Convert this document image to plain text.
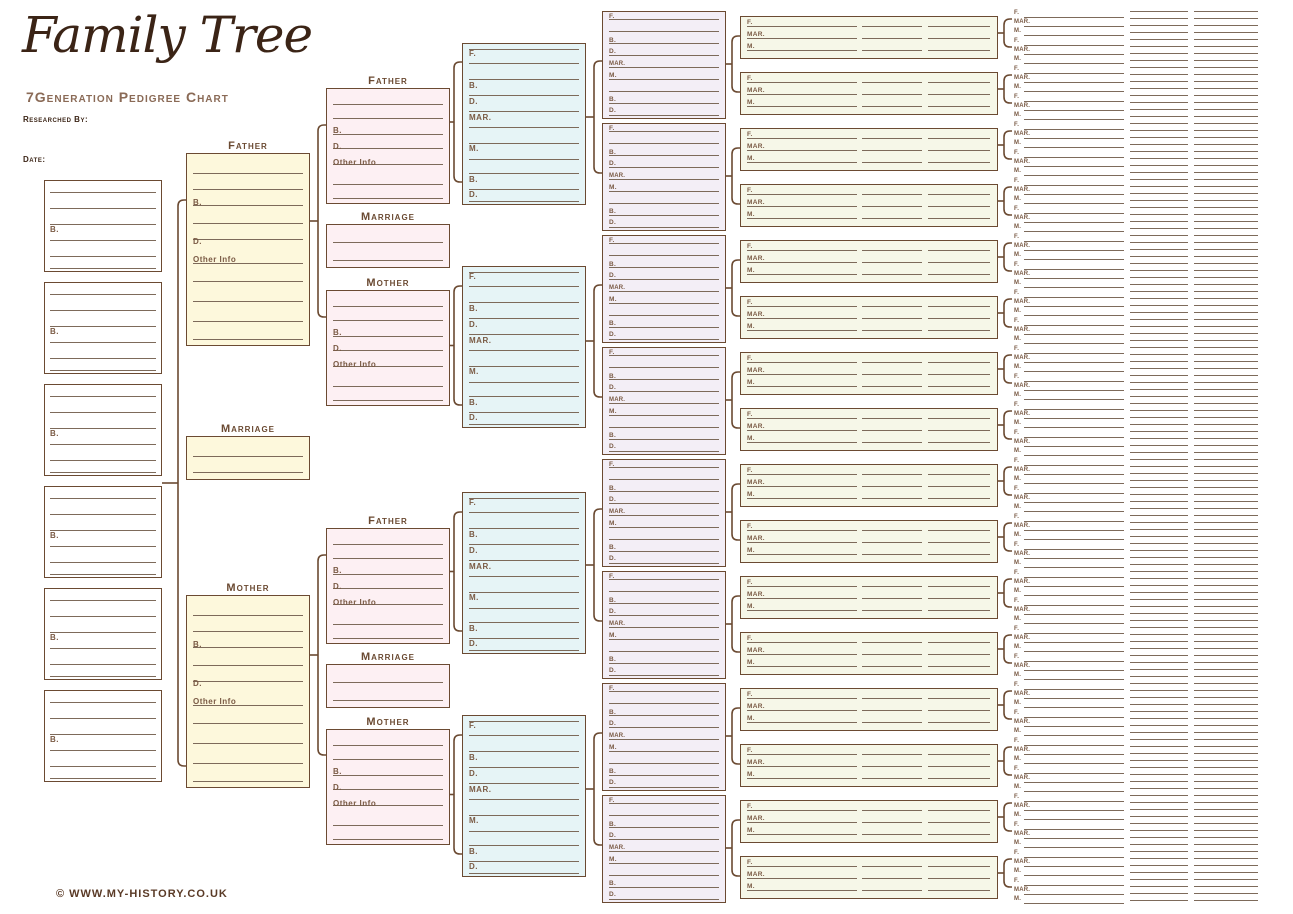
Family Tree
7Generation Pedigree Chart
Researched By:
Date:
© WWW.MY-HISTORY.CO.UK
B.
B.
B.
B.
B.
B.
Father
B.
D.
Other Info
Mother
B.
D.
Other Info
Marriage
Father
B.
D.
Other Info
Marriage
Mother
B.
D.
Other Info
Father
B.
D.
Other Info
Marriage
Mother
B.
D.
Other Info
F.
B.
D.
MAR.
M.
B.
D.
F.
B.
D.
MAR.
M.
B.
D.
F.
B.
D.
MAR.
M.
B.
D.
F.
B.
D.
MAR.
M.
B.
D.
F.
B.
D.
MAR.
M.
B.
D.
F.
B.
D.
MAR.
M.
B.
D.
F.
B.
D.
MAR.
M.
B.
D.
F.
B.
D.
MAR.
M.
B.
D.
F.
B.
D.
MAR.
M.
B.
D.
F.
B.
D.
MAR.
M.
B.
D.
F.
B.
D.
MAR.
M.
B.
D.
F.
B.
D.
MAR.
M.
B.
D.
F.
MAR.
M.
F.
MAR.
M.
F.
MAR.
M.
F.
MAR.
M.
F.
MAR.
M.
F.
MAR.
M.
F.
MAR.
M.
F.
MAR.
M.
F.
MAR.
M.
F.
MAR.
M.
F.
MAR.
M.
F.
MAR.
M.
F.
MAR.
M.
F.
MAR.
M.
F.
MAR.
M.
F.
MAR.
M.
F.
MAR.
M.
F.
MAR.
M.
F.
MAR.
M.
F.
MAR.
M.
F.
MAR.
M.
F.
MAR.
M.
F.
MAR.
M.
F.
MAR.
M.
F.
MAR.
M.
F.
MAR.
M.
F.
MAR.
M.
F.
MAR.
M.
F.
MAR.
M.
F.
MAR.
M.
F.
MAR.
M.
F.
MAR.
M.
F.
MAR.
M.
F.
MAR.
M.
F.
MAR.
M.
F.
MAR.
M.
F.
MAR.
M.
F.
MAR.
M.
F.
MAR.
M.
F.
MAR.
M.
F.
MAR.
M.
F.
MAR.
M.
F.
MAR.
M.
F.
MAR.
M.
F.
MAR.
M.
F.
MAR.
M.
F.
MAR.
M.
F.
MAR.
M.
